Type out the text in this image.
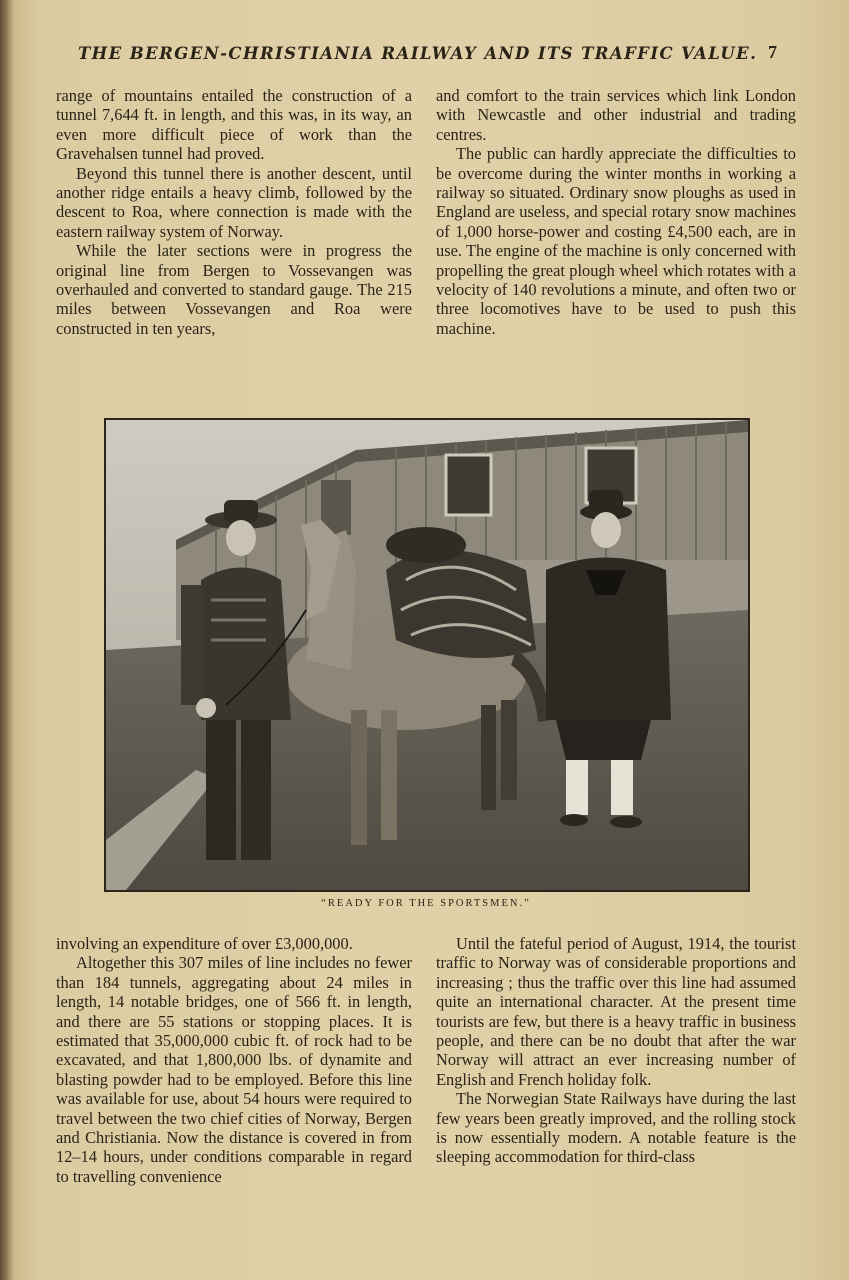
THE BERGEN-CHRISTIANIA RAILWAY AND ITS TRAFFIC VALUE. 7

range of mountains entailed the construction of a tunnel 7,644 ft. in length, and this was, in its way, an even more difficult piece of work than the Gravehalsen tunnel had proved.

Beyond this tunnel there is another descent, until another ridge entails a heavy climb, followed by the descent to Roa, where connection is made with the eastern railway system of Norway.

While the later sections were in progress the original line from Bergen to Vossevangen was overhauled and converted to standard gauge. The 215 miles between Vossevangen and Roa were constructed in ten years,

and comfort to the train services which link London with Newcastle and other industrial and trading centres.

The public can hardly appreciate the difficulties to be overcome during the winter months in working a railway so situated. Ordinary snow ploughs as used in England are useless, and special rotary snow machines of 1,000 horse-power and costing £4,500 each, are in use. The engine of the machine is only concerned with propelling the great plough wheel which rotates with a velocity of 140 revolutions a minute, and often two or three locomotives have to be used to push this machine.

“READY FOR THE SPORTSMEN.”

involving an expenditure of over £3,000,000.

Altogether this 307 miles of line includes no fewer than 184 tunnels, aggregating about 24 miles in length, 14 notable bridges, one of 566 ft. in length, and there are 55 stations or stopping places. It is estimated that 35,000,000 cubic ft. of rock had to be excavated, and that 1,800,000 lbs. of dynamite and blasting powder had to be employed. Before this line was available for use, about 54 hours were required to travel between the two chief cities of Norway, Bergen and Christiania. Now the distance is covered in from 12–14 hours, under conditions comparable in regard to travelling convenience

Until the fateful period of August, 1914, the tourist traffic to Norway was of considerable proportions and increasing ; thus the traffic over this line had assumed quite an international character. At the present time tourists are few, but there is a heavy traffic in business people, and there can be no doubt that after the war Norway will attract an ever increasing number of English and French holiday folk.

The Norwegian State Railways have during the last few years been greatly improved, and the rolling stock is now essentially modern. A notable feature is the sleeping accommodation for third-class
